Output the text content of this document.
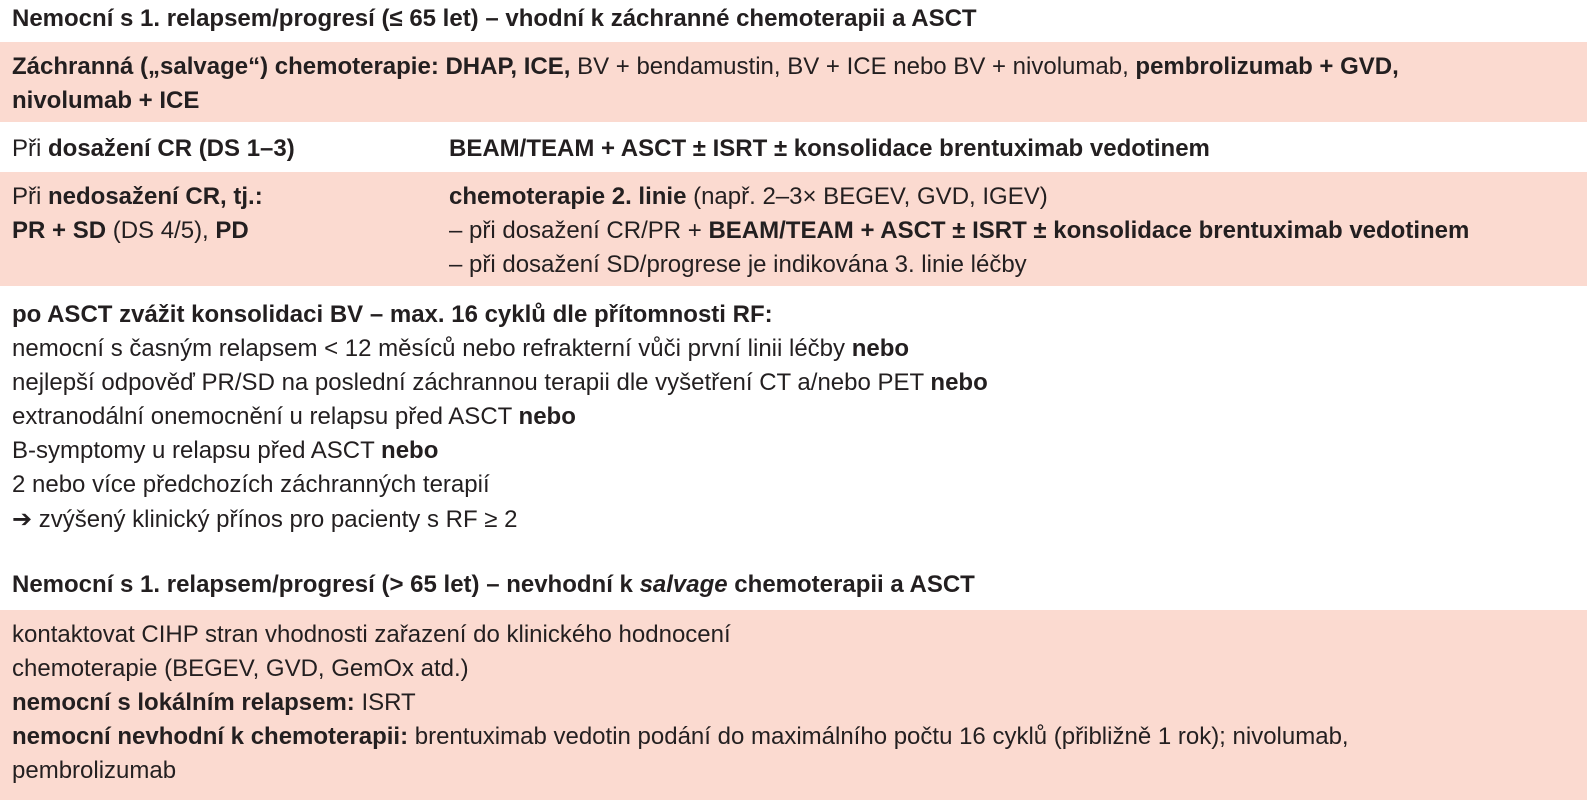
Nemocní s 1. relapsem/progresí (≤ 65 let) – vhodní k záchranné chemoterapii a ASCT
Záchranná („salvage“) chemoterapie: DHAP, ICE, BV + bendamustin, BV + ICE nebo BV + nivolumab, pembrolizumab + GVD,
nivolumab + ICE
Při dosažení CR (DS 1–3)	BEAM/TEAM + ASCT ± ISRT ± konsolidace brentuximab vedotinem
Při nedosažení CR, tj.:
PR + SD (DS 4/5), PD
chemoterapie 2. linie (např. 2–3× BEGEV, GVD, IGEV)
– při dosažení CR/PR + BEAM/TEAM + ASCT ± ISRT ± konsolidace brentuximab vedotinem
– při dosažení SD/progrese je indikována 3. linie léčby
po ASCT zvážit konsolidaci BV – max. 16 cyklů dle přítomnosti RF:
nemocní s časným relapsem < 12 měsíců nebo refrakterní vůči první linii léčby nebo
nejlepší odpověď PR/SD na poslední záchrannou terapii dle vyšetření CT a/nebo PET nebo
extranodální onemocnění u relapsu před ASCT nebo
B-symptomy u relapsu před ASCT nebo
2 nebo více předchozích záchranných terapií
➔ zvýšený klinický přínos pro pacienty s RF ≥ 2
Nemocní s 1. relapsem/progresí (> 65 let) – nevhodní k salvage chemoterapii a ASCT
kontaktovat CIHP stran vhodnosti zařazení do klinického hodnocení
chemoterapie (BEGEV, GVD, GemOx atd.)
nemocní s lokálním relapsem: ISRT
nemocní nevhodní k chemoterapii: brentuximab vedotin podání do maximálního počtu 16 cyklů (přibližně 1 rok); nivolumab,
pembrolizumab
